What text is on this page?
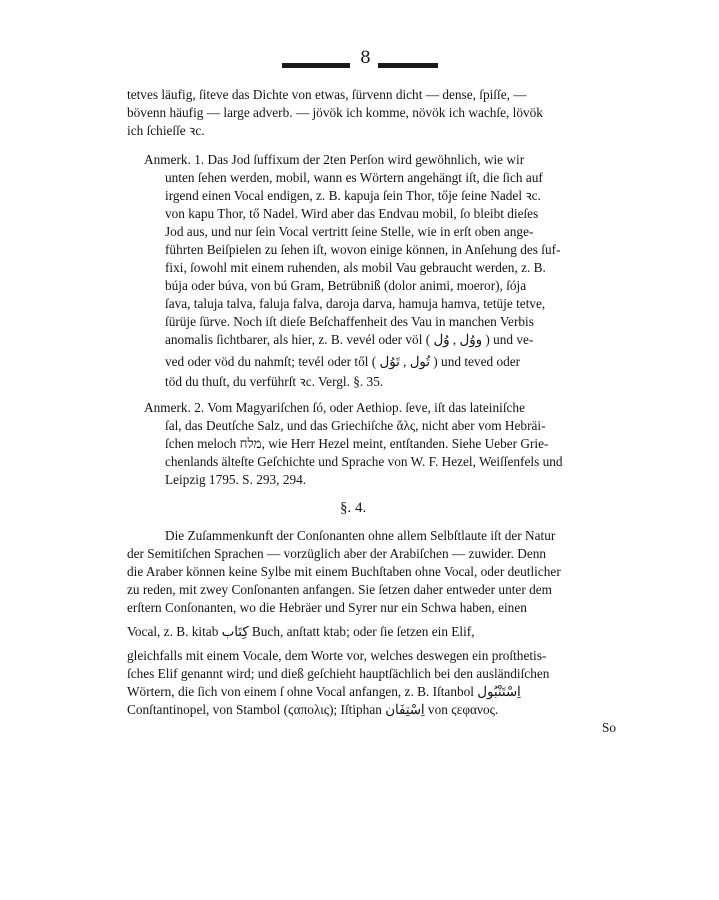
8
tetves läufig, ſiteve das Dichte von etwas, ſürvenn dicht — dense, ſpiſſe, —
bövenn häufig — large adverb. — jövök ich komme, növök ich wachſe, lövök
ich ſchieſſe ꝛc.
Anmerk. 1. Das Jod ſuffixum der 2ten Perſon wird gewöhnlich, wie wir
unten ſehen werden, mobil, wann es Wörtern angehängt iſt, die ſich auf
irgend einen Vocal endigen, z. B. kapuja ſein Thor, tője ſeine Nadel ꝛc.
von kapu Thor, tő Nadel. Wird aber das Endvau mobil, ſo bleibt dieſes
Jod aus, und nur ſein Vocal vertritt ſeine Stelle, wie in erſt oben ange-
führten Beiſpielen zu ſehen iſt, wovon einige können, in Anſehung des ſuf-
fixi, ſowohl mit einem ruhenden, als mobil Vau gebraucht werden, z. B.
búja oder búva, von bú Gram, Betrübniß (dolor animi, moeror), ſója
ſava, taluja talva, faluja falva, daroja darva, hamuja hamva, tetüje tetve,
ſürüje ſürve. Noch iſt dieſe Beſchaffenheit des Vau in manchen Verbis
anomalis ſichtbarer, als hier, z. B. vevél oder völ ( ووُل , وُل ) und ve-
ved oder vöd du nahmſt; tevél oder től ( تُول , تَوُل ) und teved oder
töd du thuſt, du verführſt ꝛc. Vergl. §. 35.
Anmerk. 2. Vom Magyariſchen ſó, oder Aethiop. ſeve, iſt das lateiniſche
ſal, das Deutſche Salz, und das Griechiſche ἅλς, nicht aber vom Hebräi-
ſchen meloch מלח, wie Herr Hezel meint, entſtanden. Siehe Ueber Grie-
chenlands älteſte Geſchichte und Sprache von W. F. Hezel, Weiſſenfels und
Leipzig 1795. S. 293, 294.
§. 4.
Die Zuſammenkunft der Conſonanten ohne allem Selbſtlaute iſt der Natur
der Semitiſchen Sprachen — vorzüglich aber der Arabiſchen — zuwider. Denn
die Araber können keine Sylbe mit einem Buchſtaben ohne Vocal, oder deutlicher
zu reden, mit zwey Conſonanten anfangen. Sie ſetzen daher entweder unter dem
erſtern Conſonanten, wo die Hebräer und Syrer nur ein Schwa haben, einen
Vocal, z. B. kitab كِتَاب Buch, anſtatt ktab; oder ſie ſetzen ein Elif,
gleichfalls mit einem Vocale, dem Worte vor, welches deswegen ein proſthetis-
ſches Elif genannt wird; und dieß geſchieht hauptſächlich bei den ausländiſchen
Wörtern, die ſich von einem ſ ohne Vocal anfangen, z. B. Iſtanbol اِسْتَنْبُول
Conſtantinopel, von Stambol (ϛαπολις); Iſtiphan اِسْتِفَان von ϛεφανος.
So
